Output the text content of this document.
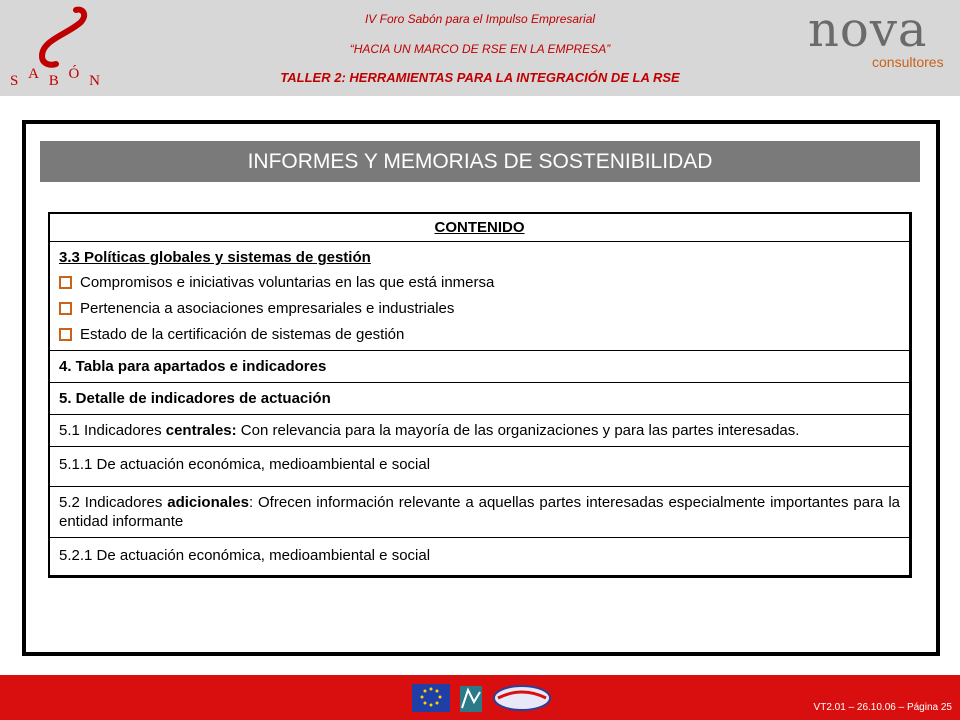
S A B Ó N
IV Foro Sabón para el Impulso Empresarial
“HACIA UN MARCO DE RSE EN LA EMPRESA”
TALLER 2: HERRAMIENTAS PARA LA INTEGRACIÓN DE LA RSE
nova
consultores
INFORMES Y MEMORIAS DE SOSTENIBILIDAD
CONTENIDO
3.3 Políticas globales y sistemas de gestión
Compromisos e iniciativas voluntarias en las que está inmersa
Pertenencia a asociaciones empresariales e industriales
Estado de la certificación de sistemas de gestión
4. Tabla para apartados e indicadores
5. Detalle de indicadores de actuación
5.1 Indicadores centrales: Con relevancia para la mayoría de las organizaciones y para las partes interesadas.
5.1.1 De actuación económica, medioambiental e social
5.2 Indicadores adicionales: Ofrecen información relevante a aquellas partes interesadas especialmente importantes para la entidad informante
5.2.1 De actuación económica, medioambiental e social
VT2.01 – 26.10.06 – Página 25
